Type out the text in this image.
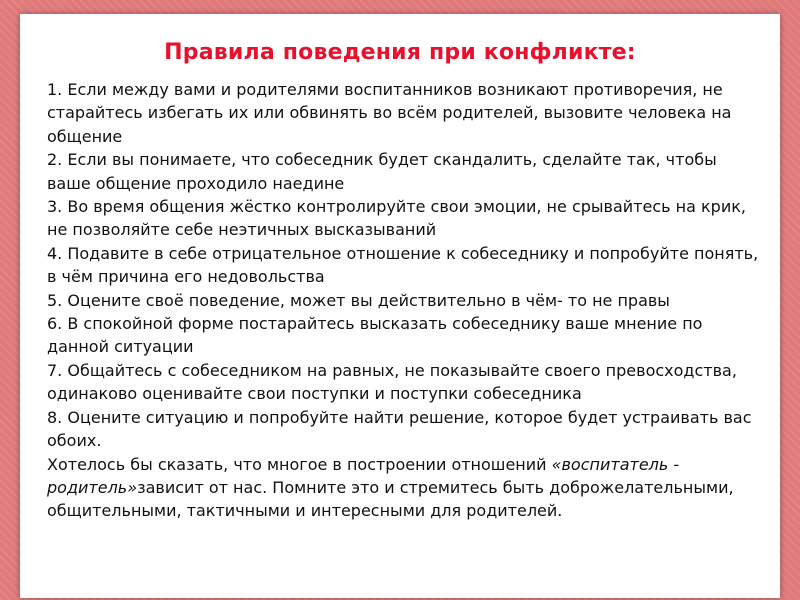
Правила поведения при конфликте:

1. Если между вами и родителями воспитанников возникают противоречия, не старайтесь избегать их или обвинять во всём родителей, вызовите человека на общение

2. Если вы понимаете, что собеседник будет скандалить, сделайте так, чтобы ваше общение проходило наедине

3. Во время общения жёстко контролируйте свои эмоции, не срывайтесь на крик, не позволяйте себе неэтичных высказываний

4. Подавите в себе отрицательное отношение к собеседнику и попробуйте понять, в чём причина его недовольства

5. Оцените своё поведение, может вы действительно в чём- то не правы

6. В спокойной форме постарайтесь высказать собеседнику ваше мнение по данной ситуации

7. Общайтесь с собеседником на равных, не показывайте своего превосходства, одинаково оценивайте свои поступки и поступки собеседника

8. Оцените ситуацию и попробуйте найти решение, которое будет устраивать вас обоих.

Хотелось бы сказать, что многое в построении отношений «воспитатель - родитель»зависит от нас. Помните это и стремитесь быть доброжелательными, общительными, тактичными и интересными для родителей.
